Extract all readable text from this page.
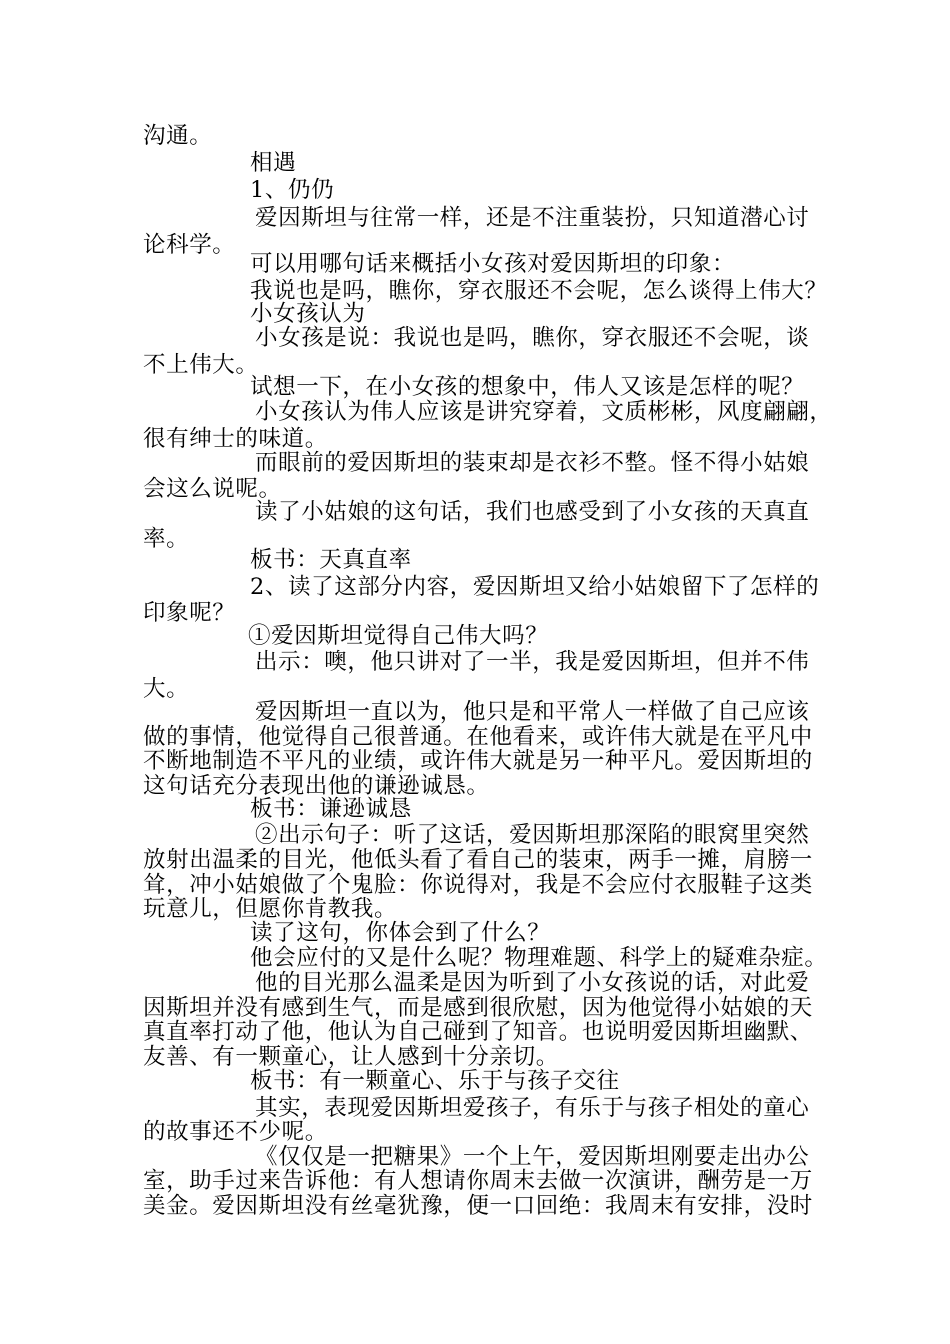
沟通。
相遇
1、仍仍
爱因斯坦与往常一样，还是不注重装扮，只知道潜心讨
论科学。
可以用哪句话来概括小女孩对爱因斯坦的印象：
我说也是吗，瞧你，穿衣服还不会呢，怎么谈得上伟大？
小女孩认为
小女孩是说：我说也是吗，瞧你，穿衣服还不会呢，谈
不上伟大。
试想一下，在小女孩的想象中，伟人又该是怎样的呢？
小女孩认为伟人应该是讲究穿着，文质彬彬，风度翩翩，
很有绅士的味道。
而眼前的爱因斯坦的装束却是衣衫不整。怪不得小姑娘
会这么说呢。
读了小姑娘的这句话，我们也感受到了小女孩的天真直
率。
板书：天真直率
2、读了这部分内容，爱因斯坦又给小姑娘留下了怎样的
印象呢？
①爱因斯坦觉得自己伟大吗？
出示：噢，他只讲对了一半，我是爱因斯坦，但并不伟
大。
爱因斯坦一直以为，他只是和平常人一样做了自己应该
做的事情，他觉得自己很普通。在他看来，或许伟大就是在平凡中
不断地制造不平凡的业绩，或许伟大就是另一种平凡。爱因斯坦的
这句话充分表现出他的谦逊诚恳。
板书：谦逊诚恳
②出示句子：听了这话，爱因斯坦那深陷的眼窝里突然
放射出温柔的目光，他低头看了看自己的装束，两手一摊，肩膀一
耸，冲小姑娘做了个鬼脸：你说得对，我是不会应付衣服鞋子这类
玩意儿，但愿你肯教我。
读了这句，你体会到了什么？
他会应付的又是什么呢？物理难题、科学上的疑难杂症。
他的目光那么温柔是因为听到了小女孩说的话，对此爱
因斯坦并没有感到生气，而是感到很欣慰，因为他觉得小姑娘的天
真直率打动了他，他认为自己碰到了知音。也说明爱因斯坦幽默、
友善、有一颗童心，让人感到十分亲切。
板书：有一颗童心、乐于与孩子交往
其实，表现爱因斯坦爱孩子，有乐于与孩子相处的童心
的故事还不少呢。
《仅仅是一把糖果》一个上午，爱因斯坦刚要走出办公
室，助手过来告诉他：有人想请你周末去做一次演讲，酬劳是一万
美金。爱因斯坦没有丝毫犹豫，便一口回绝：我周末有安排，没时
